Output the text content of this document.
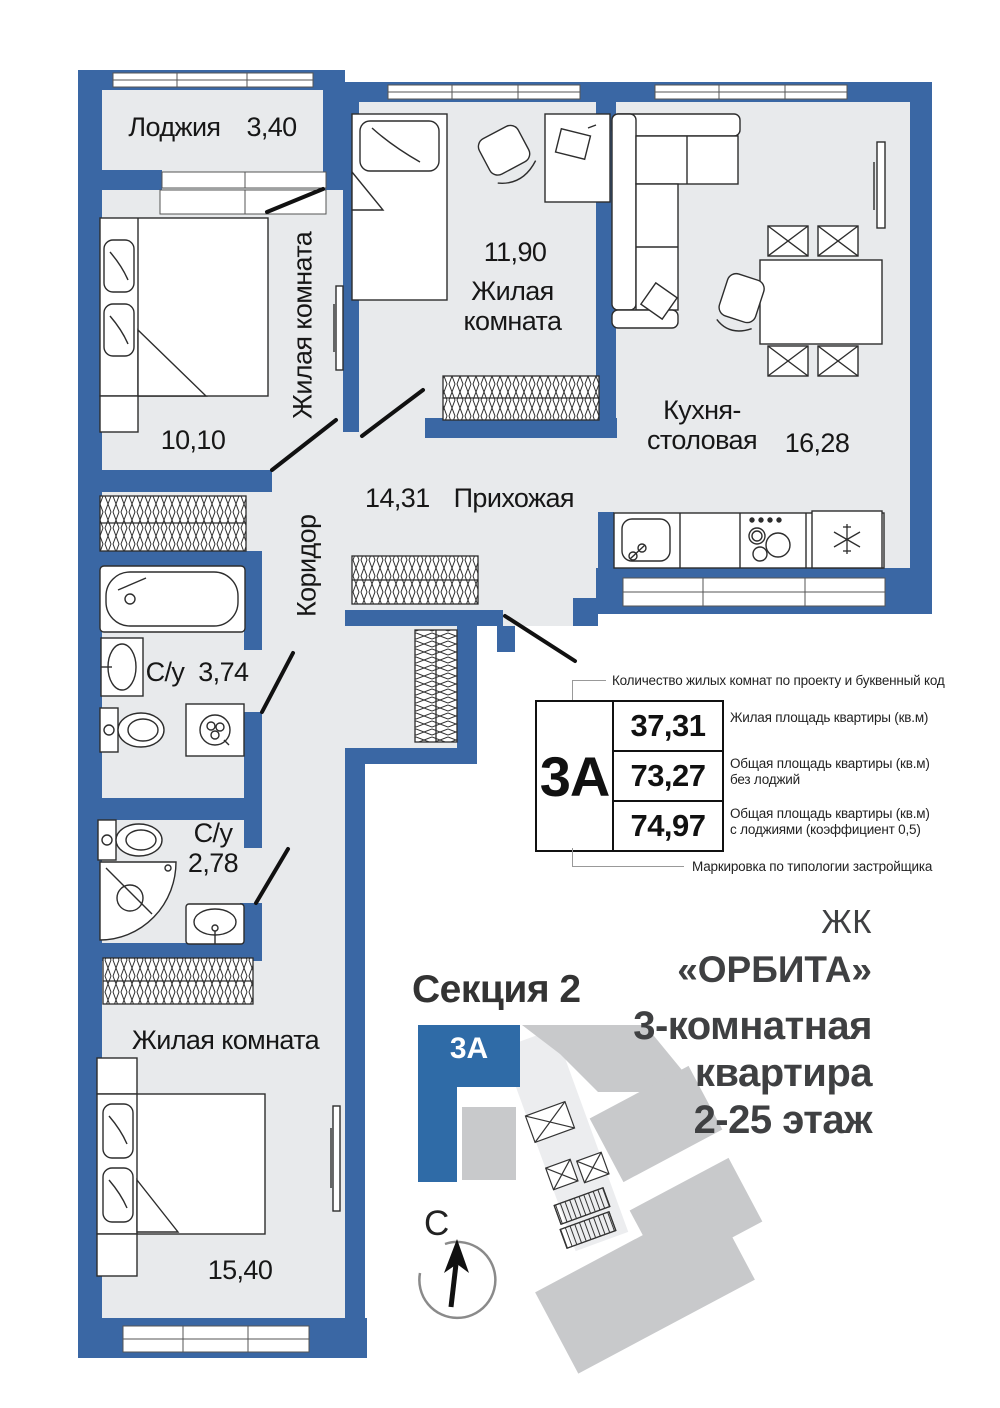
Лоджия 3,40
Жилая комната
10,10
11,90
Жилая комната
Кухня-столовая	16,28
14,31 Прихожая
Коридор
С/у 3,74
С/у
2,78
Жилая комната
15,40
3А
37,31
73,27
74,97
Количество жилых комнат по проекту и буквенный код
Маркировка по типологии застройщика
Жилая площадь квартиры (кв.м)
Общая площадь квартиры (кв.м)
без лоджий
Общая площадь квартиры (кв.м)
с лоджиями (коэффициент 0,5)
Секция 2
3А
С
ЖК
«ОРБИТА»
3-комнатная
квартира
2-25 этаж
